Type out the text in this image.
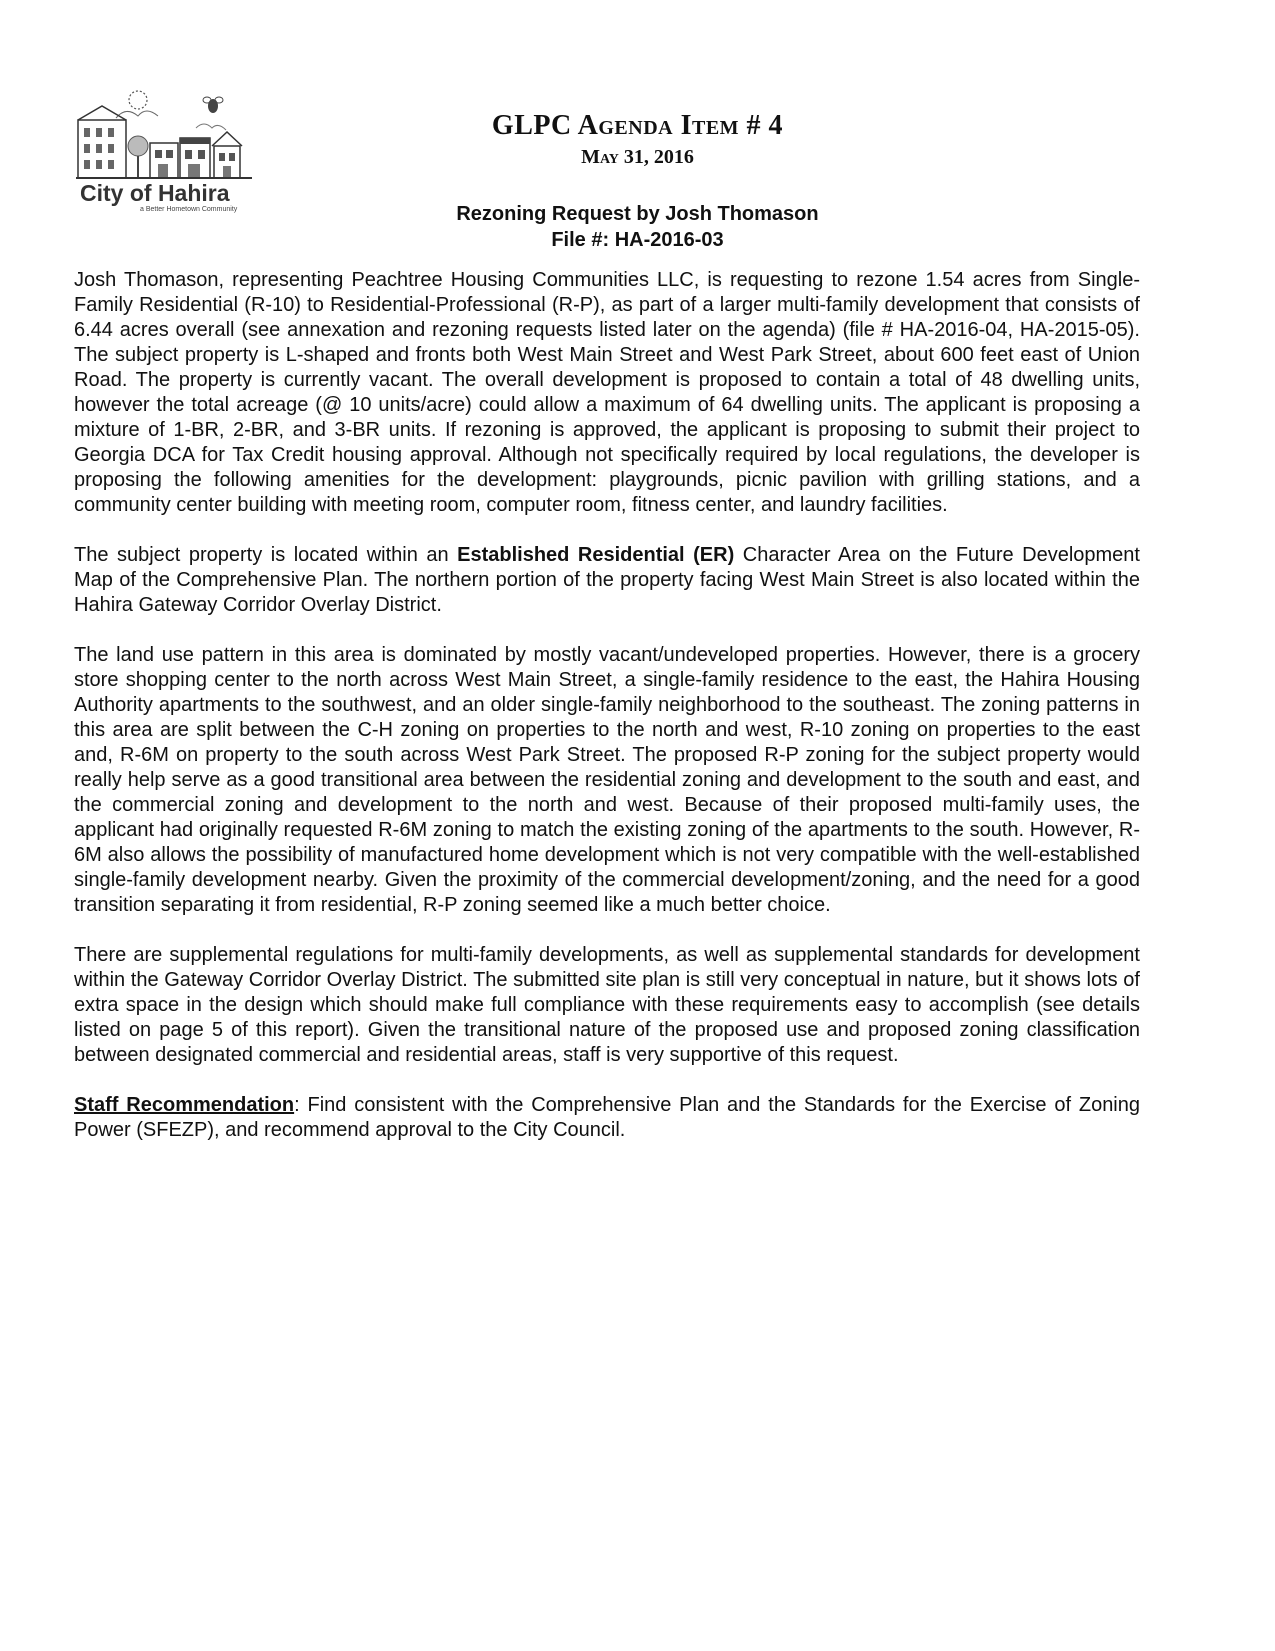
City of Hahira
a Better Hometown Community
GLPC Agenda Item # 4
May 31, 2016
Rezoning Request by Josh Thomason
File #: HA-2016-03

Josh Thomason, representing Peachtree Housing Communities LLC, is requesting to rezone 1.54 acres from Single-Family Residential (R-10) to Residential-Professional (R-P), as part of a larger multi-family development that consists of 6.44 acres overall (see annexation and rezoning requests listed later on the agenda) (file # HA-2016-04, HA-2015-05). The subject property is L-shaped and fronts both West Main Street and West Park Street, about 600 feet east of Union Road. The property is currently vacant. The overall development is proposed to contain a total of 48 dwelling units, however the total acreage (@ 10 units/acre) could allow a maximum of 64 dwelling units. The applicant is proposing a mixture of 1-BR, 2-BR, and 3-BR units. If rezoning is approved, the applicant is proposing to submit their project to Georgia DCA for Tax Credit housing approval. Although not specifically required by local regulations, the developer is proposing the following amenities for the development: playgrounds, picnic pavilion with grilling stations, and a community center building with meeting room, computer room, fitness center, and laundry facilities.

The subject property is located within an Established Residential (ER) Character Area on the Future Development Map of the Comprehensive Plan. The northern portion of the property facing West Main Street is also located within the Hahira Gateway Corridor Overlay District.

The land use pattern in this area is dominated by mostly vacant/undeveloped properties. However, there is a grocery store shopping center to the north across West Main Street, a single-family residence to the east, the Hahira Housing Authority apartments to the southwest, and an older single-family neighborhood to the southeast. The zoning patterns in this area are split between the C-H zoning on properties to the north and west, R-10 zoning on properties to the east and, R-6M on property to the south across West Park Street. The proposed R-P zoning for the subject property would really help serve as a good transitional area between the residential zoning and development to the south and east, and the commercial zoning and development to the north and west. Because of their proposed multi-family uses, the applicant had originally requested R-6M zoning to match the existing zoning of the apartments to the south. However, R-6M also allows the possibility of manufactured home development which is not very compatible with the well-established single-family development nearby. Given the proximity of the commercial development/zoning, and the need for a good transition separating it from residential, R-P zoning seemed like a much better choice.

There are supplemental regulations for multi-family developments, as well as supplemental standards for development within the Gateway Corridor Overlay District. The submitted site plan is still very conceptual in nature, but it shows lots of extra space in the design which should make full compliance with these requirements easy to accomplish (see details listed on page 5 of this report). Given the transitional nature of the proposed use and proposed zoning classification between designated commercial and residential areas, staff is very supportive of this request.

Staff Recommendation: Find consistent with the Comprehensive Plan and the Standards for the Exercise of Zoning Power (SFEZP), and recommend approval to the City Council.
